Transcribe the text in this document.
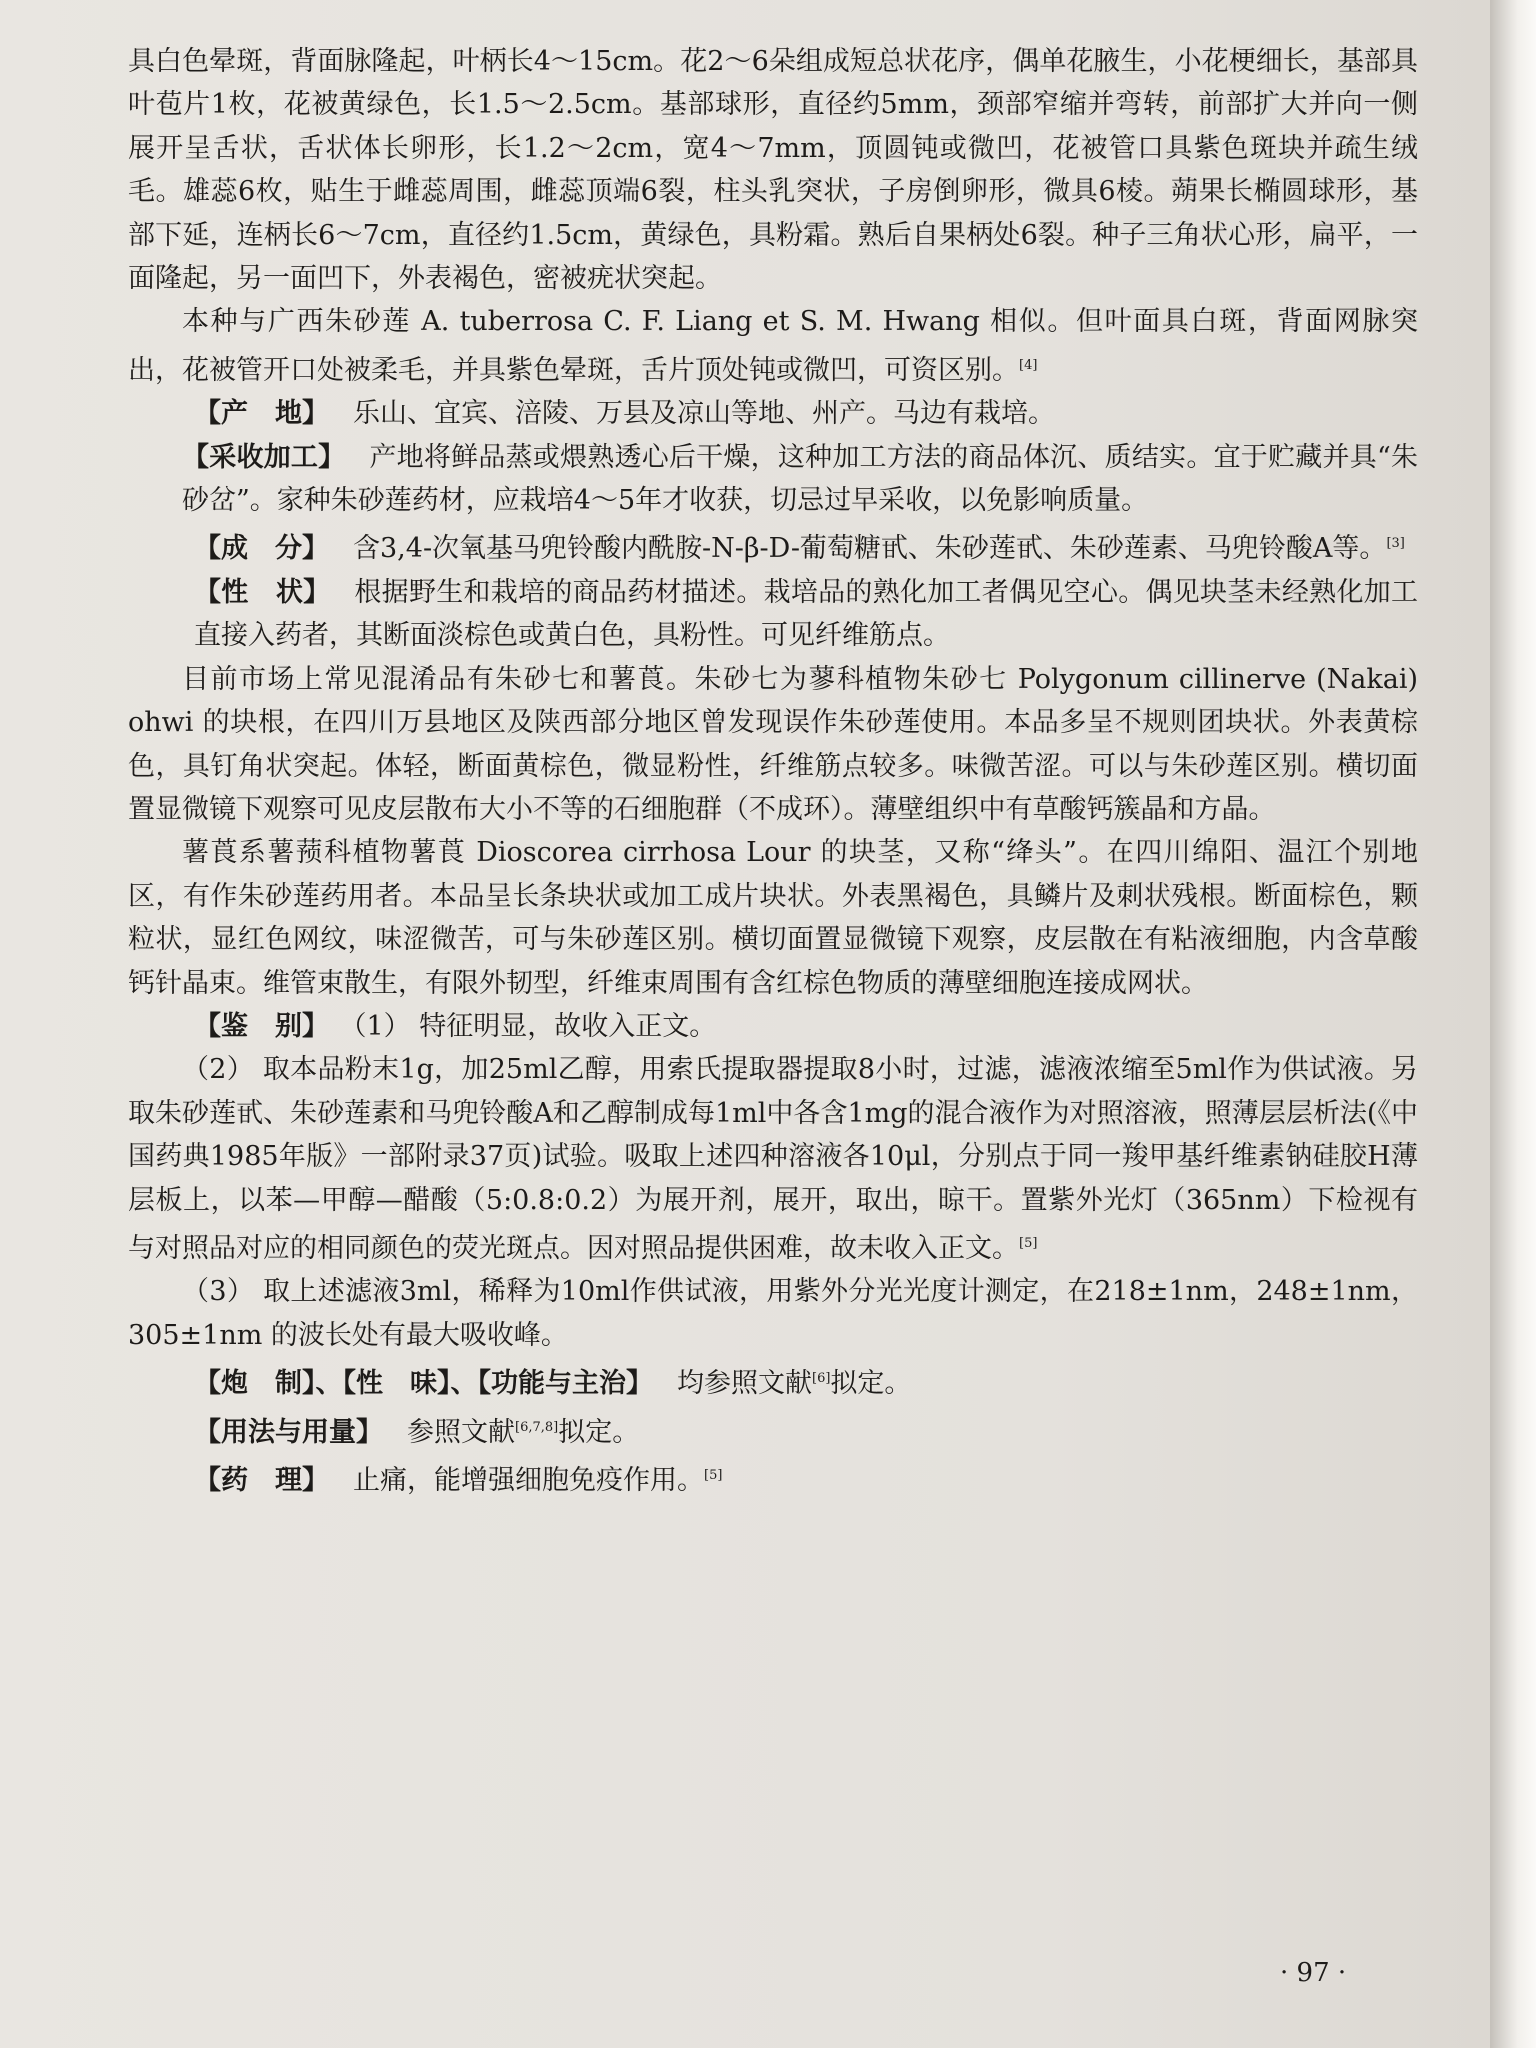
具白色晕斑，背面脉隆起，叶柄长4～15cm。花2～6朵组成短总状花序，偶单花腋生，小花梗细长，基部具叶苞片1枚，花被黄绿色，长1.5～2.5cm。基部球形，直径约5mm，颈部窄缩并弯转，前部扩大并向一侧展开呈舌状，舌状体长卵形，长1.2～2cm，宽4～7mm，顶圆钝或微凹，花被管口具紫色斑块并疏生绒毛。雄蕊6枚，贴生于雌蕊周围，雌蕊顶端6裂，柱头乳突状，子房倒卵形，微具6棱。蒴果长椭圆球形，基部下延，连柄长6～7cm，直径约1.5cm，黄绿色，具粉霜。熟后自果柄处6裂。种子三角状心形，扁平，一面隆起，另一面凹下，外表褐色，密被疣状突起。

本种与广西朱砂莲 A. tuberrosa C. F. Liang et S. M. Hwang 相似。但叶面具白斑，背面网脉突出，花被管开口处被柔毛，并具紫色晕斑，舌片顶处钝或微凹，可资区别。[4]

【产　地】 乐山、宜宾、涪陵、万县及凉山等地、州产。马边有栽培。

【采收加工】 产地将鲜品蒸或煨熟透心后干燥，这种加工方法的商品体沉、质结实。宜于贮藏并具“朱砂岔”。家种朱砂莲药材，应栽培4～5年才收获，切忌过早采收，以免影响质量。

【成　分】 含3,4-次氧基马兜铃酸内酰胺-N-β-D-葡萄糖甙、朱砂莲甙、朱砂莲素、马兜铃酸A等。[3]

【性　状】 根据野生和栽培的商品药材描述。栽培品的熟化加工者偶见空心。偶见块茎未经熟化加工直接入药者，其断面淡棕色或黄白色，具粉性。可见纤维筋点。

目前市场上常见混淆品有朱砂七和薯莨。朱砂七为蓼科植物朱砂七 Polygonum cillinerve (Nakai) ohwi 的块根，在四川万县地区及陕西部分地区曾发现误作朱砂莲使用。本品多呈不规则团块状。外表黄棕色，具钉角状突起。体轻，断面黄棕色，微显粉性，纤维筋点较多。味微苦涩。可以与朱砂莲区别。横切面置显微镜下观察可见皮层散布大小不等的石细胞群（不成环）。薄壁组织中有草酸钙簇晶和方晶。

薯莨系薯蓣科植物薯莨 Dioscorea cirrhosa Lour 的块茎，又称“绛头”。在四川绵阳、温江个别地区，有作朱砂莲药用者。本品呈长条块状或加工成片块状。外表黑褐色，具鳞片及刺状残根。断面棕色，颗粒状，显红色网纹，味涩微苦，可与朱砂莲区别。横切面置显微镜下观察，皮层散在有粘液细胞，内含草酸钙针晶束。维管束散生，有限外韧型，纤维束周围有含红棕色物质的薄壁细胞连接成网状。

【鉴　别】 （1） 特征明显，故收入正文。

（2） 取本品粉末1g，加25ml乙醇，用索氏提取器提取8小时，过滤，滤液浓缩至5ml作为供试液。另取朱砂莲甙、朱砂莲素和马兜铃酸A和乙醇制成每1ml中各含1mg的混合液作为对照溶液，照薄层层析法(《中国药典1985年版》一部附录37页)试验。吸取上述四种溶液各10μl，分别点于同一羧甲基纤维素钠硅胶H薄层板上，以苯—甲醇—醋酸（5:0.8:0.2）为展开剂，展开，取出，晾干。置紫外光灯（365nm）下检视有与对照品对应的相同颜色的荧光斑点。因对照品提供困难，故未收入正文。[5]

（3） 取上述滤液3ml，稀释为10ml作供试液，用紫外分光光度计测定，在218±1nm，248±1nm，305±1nm 的波长处有最大吸收峰。

【炮　制】、【性　味】、【功能与主治】 均参照文献[6]拟定。

【用法与用量】 参照文献[6,7,8]拟定。

【药　理】 止痛，能增强细胞免疫作用。[5]

· 97 ·
